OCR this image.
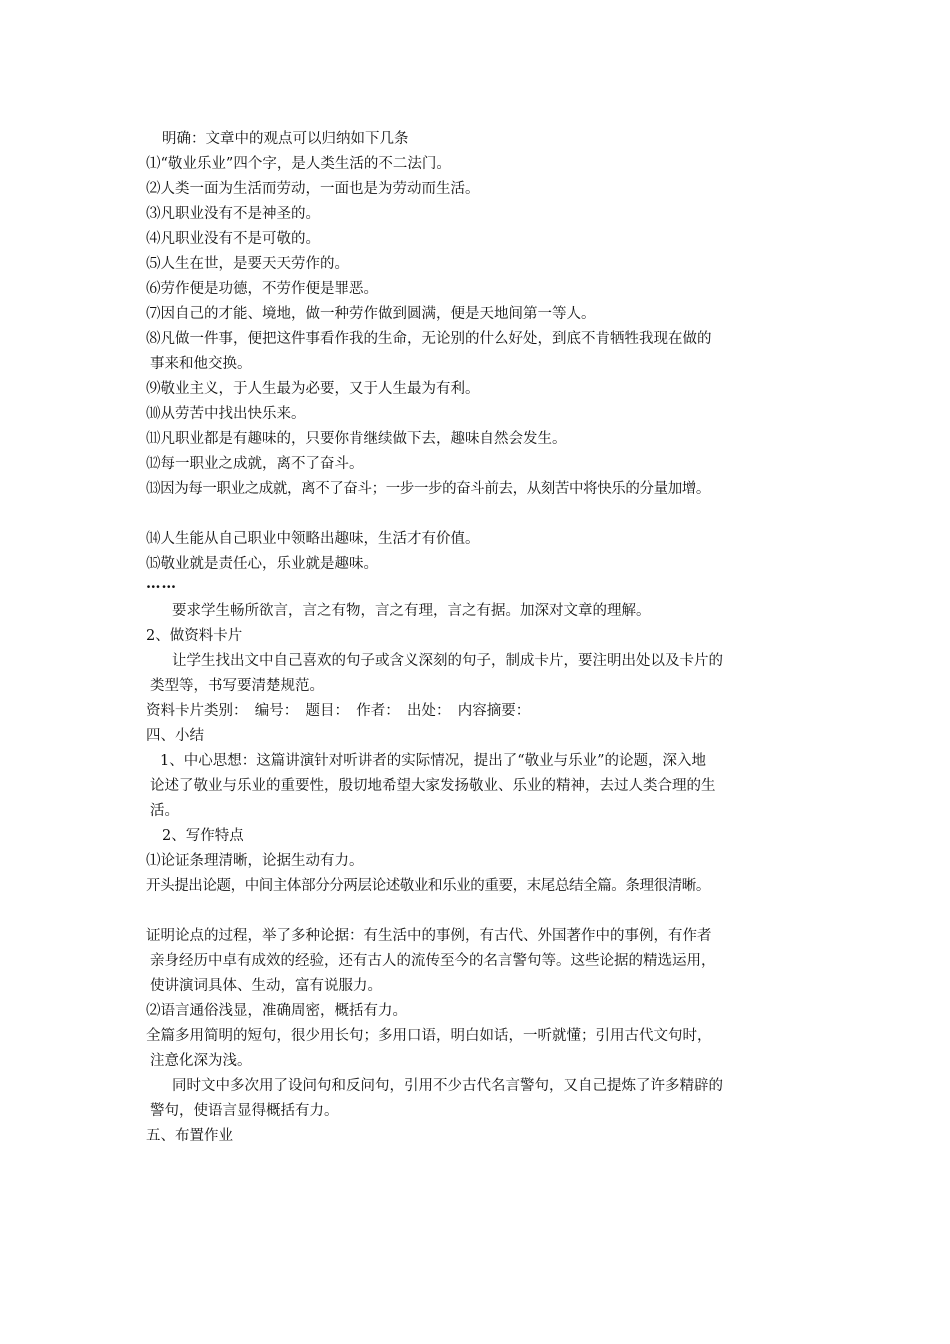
明确：文章中的观点可以归纳如下几条
⑴“敬业乐业”四个字，是人类生活的不二法门。
⑵人类一面为生活而劳动，一面也是为劳动而生活。
⑶凡职业没有不是神圣的。
⑷凡职业没有不是可敬的。
⑸人生在世，是要天天劳作的。
⑹劳作便是功德，不劳作便是罪恶。
⑺因自己的才能、境地，做一种劳作做到圆满，便是天地间第一等人。
⑻凡做一件事，便把这件事看作我的生命，无论别的什么好处，到底不肯牺牲我现在做的
事来和他交换。
⑼敬业主义，于人生最为必要，又于人生最为有利。
⑽从劳苦中找出快乐来。
⑾凡职业都是有趣味的，只要你肯继续做下去，趣味自然会发生。
⑿每一职业之成就，离不了奋斗。
⒀因为每一职业之成就，离不了奋斗；一步一步的奋斗前去，从刻苦中将快乐的分量加增。
⒁人生能从自己职业中领略出趣味，生活才有价值。
⒂敬业就是责任心，乐业就是趣味。
……
要求学生畅所欲言，言之有物，言之有理，言之有据。加深对文章的理解。
2、做资料卡片
让学生找出文中自己喜欢的句子或含义深刻的句子，制成卡片，要注明出处以及卡片的
类型等，书写要清楚规范。
资料卡片类别：　编号：　题目：　作者：　出处：　内容摘要：
四、小结
1、中心思想：这篇讲演针对听讲者的实际情况，提出了“敬业与乐业”的论题，深入地
论述了敬业与乐业的重要性，殷切地希望大家发扬敬业、乐业的精神，去过人类合理的生
活。
2、写作特点
⑴论证条理清晰，论据生动有力。
开头提出论题，中间主体部分分两层论述敬业和乐业的重要，末尾总结全篇。条理很清晰。
证明论点的过程，举了多种论据：有生活中的事例，有古代、外国著作中的事例，有作者
亲身经历中卓有成效的经验，还有古人的流传至今的名言警句等。这些论据的精选运用，
使讲演词具体、生动，富有说服力。
⑵语言通俗浅显，准确周密，概括有力。
全篇多用简明的短句，很少用长句；多用口语，明白如话，一听就懂；引用古代文句时，
注意化深为浅。
同时文中多次用了设问句和反问句，引用不少古代名言警句，又自己提炼了许多精辟的
警句，使语言显得概括有力。
五、布置作业
